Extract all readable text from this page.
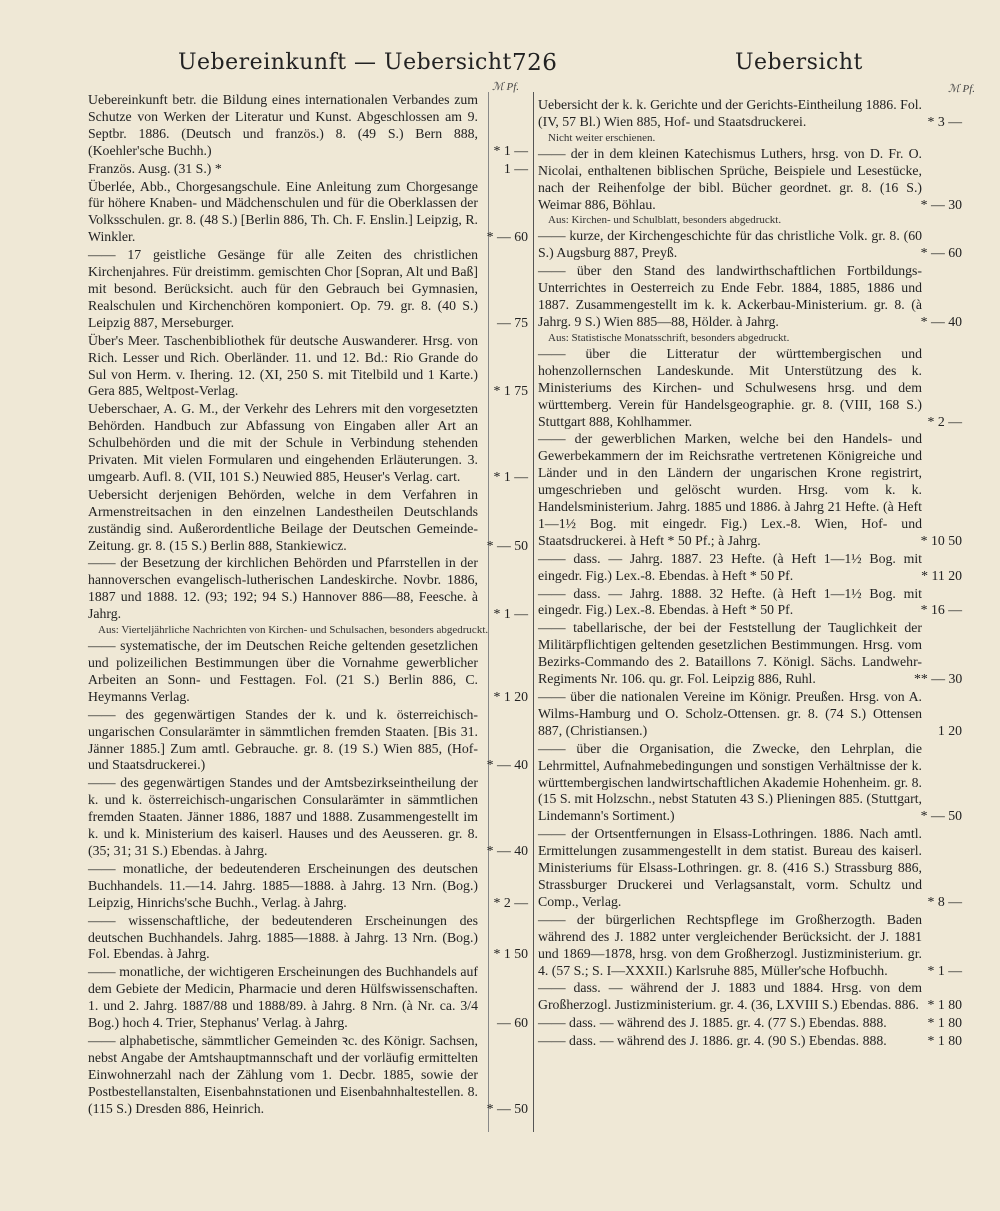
Uebereinkunft — Uebersicht 726	Uebersicht
ℳ Pf.	ℳ Pf.
Uebereinkunft betr. die Bildung eines internationalen Verbandes zum Schutze von Werken der Literatur und Kunst. Abgeschlossen am 9. Septbr. 1886. (Deutsch und französ.) 8. (49 S.) Bern 888, (Koehler'sche Buchh.)	* 1 —
Französ. Ausg. (31 S.) *	1 —
Überlée, Abb., Chorgesangschule. Eine Anleitung zum Chorgesange für höhere Knaben- und Mädchenschulen und für die Oberklassen der Volksschulen. gr. 8. (48 S.) [Berlin 886, Th. Ch. F. Enslin.] Leipzig, R. Winkler.	* — 60
—— 17 geistliche Gesänge für alle Zeiten des christlichen Kirchenjahres. Für dreistimm. gemischten Chor [Sopran, Alt und Baß] mit besond. Berücksicht. auch für den Gebrauch bei Gymnasien, Realschulen und Kirchenchören komponiert. Op. 79. gr. 8. (40 S.) Leipzig 887, Merseburger.	— 75
Über's Meer. Taschenbibliothek für deutsche Auswanderer. Hrsg. von Rich. Lesser und Rich. Oberländer. 11. und 12. Bd.: Rio Grande do Sul von Herm. v. Ihering. 12. (XI, 250 S. mit Titelbild und 1 Karte.) Gera 885, Weltpost-Verlag.	* 1 75
Ueberschaer, A. G. M., der Verkehr des Lehrers mit den vorgesetzten Behörden. Handbuch zur Abfassung von Eingaben aller Art an Schulbehörden und die mit der Schule in Verbindung stehenden Privaten. Mit vielen Formularen und eingehenden Erläuterungen. 3. umgearb. Aufl. 8. (VII, 101 S.) Neuwied 885, Heuser's Verlag. cart.	* 1 —
Uebersicht derjenigen Behörden, welche in dem Verfahren in Armenstreitsachen in den einzelnen Landestheilen Deutschlands zuständig sind. Außerordentliche Beilage der Deutschen Gemeinde-Zeitung. gr. 8. (15 S.) Berlin 888, Stankiewicz.	* — 50
—— der Besetzung der kirchlichen Behörden und Pfarrstellen in der hannoverschen evangelisch-lutherischen Landeskirche. Novbr. 1886, 1887 und 1888. 12. (93; 192; 94 S.) Hannover 886—88, Feesche. à Jahrg.	* 1 —
Aus: Vierteljährliche Nachrichten von Kirchen- und Schulsachen, besonders abgedruckt.
—— systematische, der im Deutschen Reiche geltenden gesetzlichen und polizeilichen Bestimmungen über die Vornahme gewerblicher Arbeiten an Sonn- und Festtagen. Fol. (21 S.) Berlin 886, C. Heymanns Verlag.	* 1 20
—— des gegenwärtigen Standes der k. und k. österreichisch-ungarischen Consularämter in sämmtlichen fremden Staaten. [Bis 31. Jänner 1885.] Zum amtl. Gebrauche. gr. 8. (19 S.) Wien 885, (Hof- und Staatsdruckerei.)	* — 40
—— des gegenwärtigen Standes und der Amtsbezirkseintheilung der k. und k. österreichisch-ungarischen Consularämter in sämmtlichen fremden Staaten. Jänner 1886, 1887 und 1888. Zusammengestellt im k. und k. Ministerium des kaiserl. Hauses und des Aeusseren. gr. 8. (35; 31; 31 S.) Ebendas. à Jahrg.	* — 40
—— monatliche, der bedeutenderen Erscheinungen des deutschen Buchhandels. 11.—14. Jahrg. 1885—1888. à Jahrg. 13 Nrn. (Bog.) Leipzig, Hinrichs'sche Buchh., Verlag. à Jahrg.	* 2 —
—— wissenschaftliche, der bedeutenderen Erscheinungen des deutschen Buchhandels. Jahrg. 1885—1888. à Jahrg. 13 Nrn. (Bog.) Fol. Ebendas. à Jahrg.	* 1 50
—— monatliche, der wichtigeren Erscheinungen des Buchhandels auf dem Gebiete der Medicin, Pharmacie und deren Hülfswissenschaften. 1. und 2. Jahrg. 1887/88 und 1888/89. à Jahrg. 8 Nrn. (à Nr. ca. 3/4 Bog.) hoch 4. Trier, Stephanus' Verlag. à Jahrg.	— 60
—— alphabetische, sämmtlicher Gemeinden ꝛc. des Königr. Sachsen, nebst Angabe der Amtshauptmannschaft und der vorläufig ermittelten Einwohnerzahl nach der Zählung vom 1. Decbr. 1885, sowie der Postbestellanstalten, Eisenbahnstationen und Eisenbahnhaltestellen. 8. (115 S.) Dresden 886, Heinrich.	* — 50
Uebersicht der k. k. Gerichte und der Gerichts-Eintheilung 1886. Fol. (IV, 57 Bl.) Wien 885, Hof- und Staatsdruckerei.	* 3 —
Nicht weiter erschienen.
—— der in dem kleinen Katechismus Luthers, hrsg. von D. Fr. O. Nicolai, enthaltenen biblischen Sprüche, Beispiele und Lesestücke, nach der Reihenfolge der bibl. Bücher geordnet. gr. 8. (16 S.) Weimar 886, Böhlau.	* — 30
Aus: Kirchen- und Schulblatt, besonders abgedruckt.
—— kurze, der Kirchengeschichte für das christliche Volk. gr. 8. (60 S.) Augsburg 887, Preyß.	* — 60
—— über den Stand des landwirthschaftlichen Fortbildungs-Unterrichtes in Oesterreich zu Ende Febr. 1884, 1885, 1886 und 1887. Zusammengestellt im k. k. Ackerbau-Ministerium. gr. 8. (à Jahrg. 9 S.) Wien 885—88, Hölder. à Jahrg.	* — 40
Aus: Statistische Monatsschrift, besonders abgedruckt.
—— über die Litteratur der württembergischen und hohenzollernschen Landeskunde. Mit Unterstützung des k. Ministeriums des Kirchen- und Schulwesens hrsg. und dem württemberg. Verein für Handelsgeographie. gr. 8. (VIII, 168 S.) Stuttgart 888, Kohlhammer.	* 2 —
—— der gewerblichen Marken, welche bei den Handels- und Gewerbekammern der im Reichsrathe vertretenen Königreiche und Länder und in den Ländern der ungarischen Krone registrirt, umgeschrieben und gelöscht wurden. Hrsg. vom k. k. Handelsministerium. Jahrg. 1885 und 1886. à Jahrg 21 Hefte. (à Heft 1—1½ Bog. mit eingedr. Fig.) Lex.-8. Wien, Hof- und Staatsdruckerei. à Heft * 50 Pf.; à Jahrg.	* 10 50
—— dass. — Jahrg. 1887. 23 Hefte. (à Heft 1—1½ Bog. mit eingedr. Fig.) Lex.-8. Ebendas. à Heft * 50 Pf.	* 11 20
—— dass. — Jahrg. 1888. 32 Hefte. (à Heft 1—1½ Bog. mit eingedr. Fig.) Lex.-8. Ebendas. à Heft * 50 Pf.	* 16 —
—— tabellarische, der bei der Feststellung der Tauglichkeit der Militärpflichtigen geltenden gesetzlichen Bestimmungen. Hrsg. vom Bezirks-Commando des 2. Bataillons 7. Königl. Sächs. Landwehr-Regiments Nr. 106. qu. gr. Fol. Leipzig 886, Ruhl.	** — 30
—— über die nationalen Vereine im Königr. Preußen. Hrsg. von A. Wilms-Hamburg und O. Scholz-Ottensen. gr. 8. (74 S.) Ottensen 887, (Christiansen.)	1 20
—— über die Organisation, die Zwecke, den Lehrplan, die Lehrmittel, Aufnahmebedingungen und sonstigen Verhältnisse der k. württembergischen landwirtschaftlichen Akademie Hohenheim. gr. 8. (15 S. mit Holzschn., nebst Statuten 43 S.) Plieningen 885. (Stuttgart, Lindemann's Sortiment.)	* — 50
—— der Ortsentfernungen in Elsass-Lothringen. 1886. Nach amtl. Ermittelungen zusammengestellt in dem statist. Bureau des kaiserl. Ministeriums für Elsass-Lothringen. gr. 8. (416 S.) Strassburg 886, Strassburger Druckerei und Verlagsanstalt, vorm. Schultz und Comp., Verlag.	* 8 —
—— der bürgerlichen Rechtspflege im Großherzogth. Baden während des J. 1882 unter vergleichender Berücksicht. der J. 1881 und 1869—1878, hrsg. von dem Großherzogl. Justizministerium. gr. 4. (57 S.; S. I—XXXII.) Karlsruhe 885, Müller'sche Hofbuchh.	* 1 —
—— dass. — während der J. 1883 und 1884. Hrsg. von dem Großherzogl. Justizministerium. gr. 4. (36, LXVIII S.) Ebendas. 886. * 1 80
—— dass. — während des J. 1885. gr. 4. (77 S.) Ebendas. 888.	* 1 80
—— dass. — während des J. 1886. gr. 4. (90 S.) Ebendas. 888.	* 1 80
